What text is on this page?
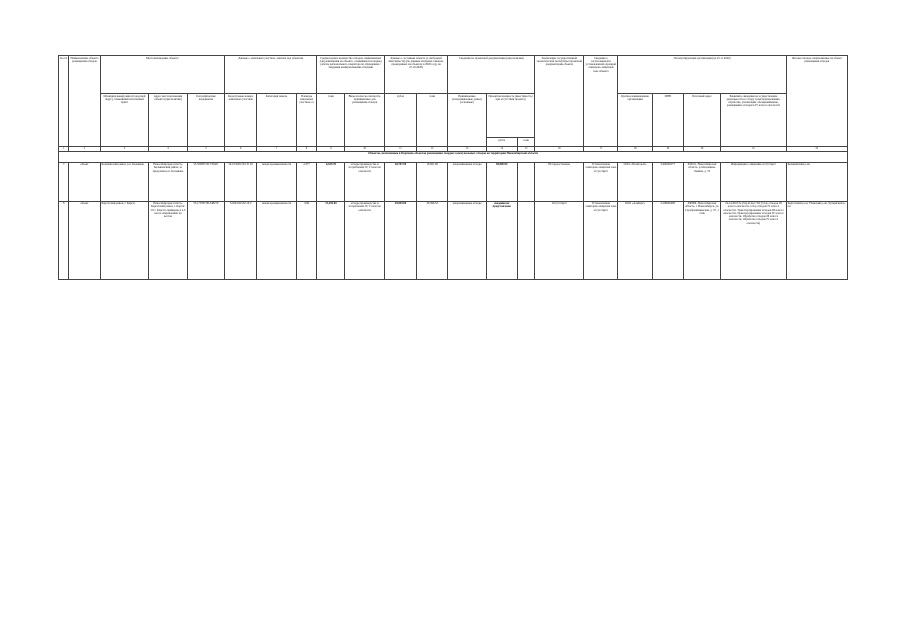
№ п/п	Наименование объекта размещения отходов	Местонахождение объекта			Данные о земельных участках, занятых под объектом			Среднегодовое количество отходов, принимаемых для размещения на объекте, сложившееся в период работы регионального оператора по обращению с твердыми коммунальными отходами		Данные о состоянии объекта (о свободной вместимости) (по данным натурных замеров, проведенных на объектах в 2020 году, на 27.10.2020)		Сведения по проектной документации (при наличии)			Заключение государственной экологической экспертизы проектной документации объекта	Сведения о согласованной и установленной охранной санитарно-защитной зоне объекта	Эксплуатирующая организация (на 25.11.2020)				Потоки отходов, направляемые на объект размещения отходов
		Муниципальный район (городской округ), ближайший населенный пункт	Адрес местоположения объекта (при наличии)	Географические координаты	Кадастровые номера земельных участков	Категория земель	Площадь земельных участков, га	тонн	Виды и классы опасности, принимаемых для размещения отходов	куб.м	тонн	Принимаемые (захораниваемые, ранее) (основные)	Проектная мощность (вместимость) при отсутствии проекта)				Краткое наименование организации	ИНН	Почтовый адрес	Реквизиты лицензии на осуществление деятельности по сбору, транспортированию, обработке, утилизации, обезвреживанию, размещению отходов I-IV класса опасности	
													куб.м	тонн							
1	2	3	4	5	6	7	8	9	10	11	12	13	14	15	16	17	18	19	20	21	22
Объекты, включенные в Перечень объектов размещения твердых коммунальных отходов на территории Новосибирской области																					
7	объект	Колыванский район, р.п. Колывань	Новосибирская область, Колыванский район, за пределами р.п. Колывань	55.332835 82.735461	54:10:020210:131 65	земли промышленности	2,377	6,639.78	отходы производства и потребления IV, V классов опасности	28,707.00	16,361.99	захораниваемые отходы	98,000.00		Не предоставлено	Установленная санитарно-защитная зона отсутствует	ООО «Полигон-К»	5424000277	633161, Новосибирская область, р.п.Колывань, Ленина, д. 73	Информация о лицензии отсутствует	Колыванский р-он
8	объект	Каргатский район, г. Каргат	Новосибирская область, Каргатский район, г. Каргат. От г. Каргата примерно в 2,5 км по направлению на восток	55.173782 80.348270	54:09:020132:16 2	земли промышленности	3.66	13,494.00	отходы производства и потребления IV, V классов опасности	49,849.00	33,396.53	захораниваемые отходы	сведения не представлены		Отсутствует	Установленная санитарно-защитная зона отсутствует	ООО «АльБерт»	5418000499	630099, Новосибирская область, г. Новосибирск, ул. Серебренниковская, д. 37, 1 этаж	24.24.2018 № (54)-4144-СТО (Сбор отходов III класса опасности, Сбор отходов IV класса опасности, Транспортирование отходов III класса опасности, Транспортирование отходов IV класса опасности, Обработка отходов III класса опасности, Обработка отходов IV класса опасности)	Каргатский р-он, Убинский р-он, Чулымский р-он
